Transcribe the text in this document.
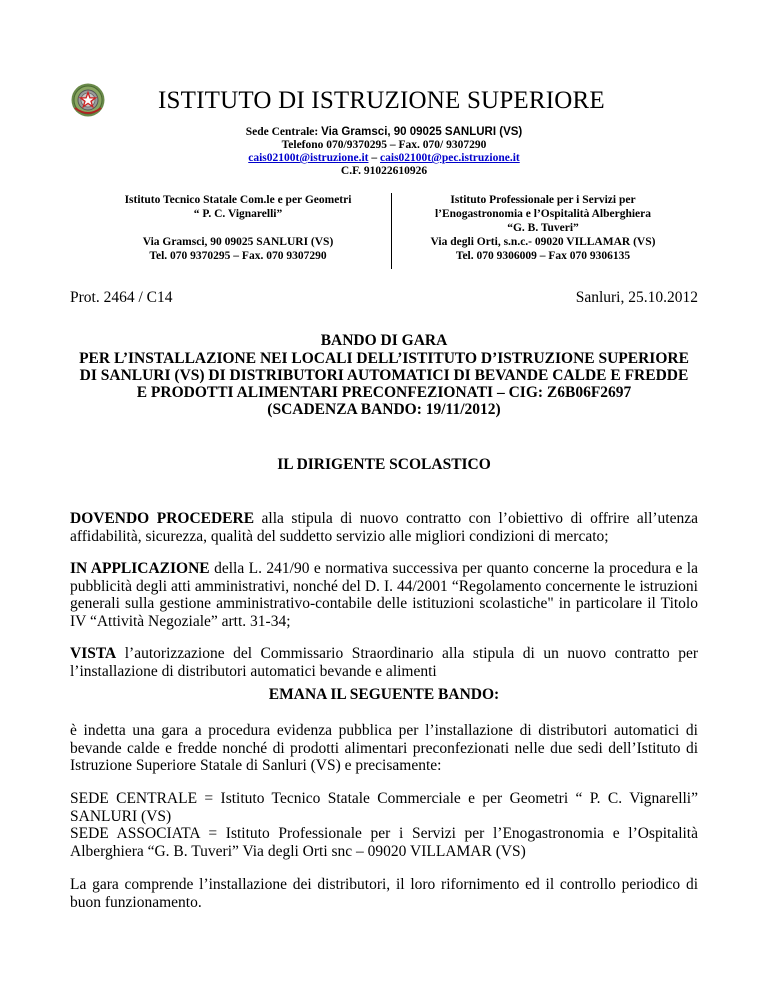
ISTITUTO DI ISTRUZIONE SUPERIORE
Sede Centrale: Via Gramsci, 90 09025 SANLURI (VS)
Telefono 070/9370295 – Fax. 070/ 9307290
cais02100t@istruzione.it – cais02100t@pec.istruzione.it
C.F. 91022610926
Istituto Tecnico Statale Com.le e per Geometri
“ P. C. Vignarelli”
Via Gramsci, 90 09025 SANLURI (VS)
Tel. 070 9370295 – Fax. 070 9307290
Istituto Professionale per i Servizi per
l’Enogastronomia e l’Ospitalità Alberghiera
“G. B. Tuveri”
Via degli Orti, s.n.c.- 09020 VILLAMAR (VS)
Tel. 070 9306009 – Fax 070 9306135
Prot. 2464 / C14	Sanluri, 25.10.2012
BANDO DI GARA
PER L’INSTALLAZIONE NEI LOCALI DELL’ISTITUTO D’ISTRUZIONE SUPERIORE
DI SANLURI (VS) DI DISTRIBUTORI AUTOMATICI DI BEVANDE CALDE E FREDDE
E PRODOTTI ALIMENTARI PRECONFEZIONATI – CIG: Z6B06F2697
(SCADENZA BANDO: 19/11/2012)
IL DIRIGENTE SCOLASTICO
DOVENDO PROCEDERE alla stipula di nuovo contratto con l’obiettivo di offrire all’utenza affidabilità, sicurezza, qualità del suddetto servizio alle migliori condizioni di mercato;
IN APPLICAZIONE della L. 241/90 e normativa successiva per quanto concerne la procedura e la pubblicità degli atti amministrativi, nonché del D. I. 44/2001 “Regolamento concernente le istruzioni generali sulla gestione amministrativo-contabile delle istituzioni scolastiche" in particolare il Titolo IV “Attività Negoziale” artt. 31-34;
VISTA l’autorizzazione del Commissario Straordinario alla stipula di un nuovo contratto per l’installazione di distributori automatici bevande e alimenti
EMANA IL SEGUENTE BANDO:
è indetta una gara a procedura evidenza pubblica per l’installazione di distributori automatici di bevande calde e fredde nonché di prodotti alimentari preconfezionati nelle due sedi dell’Istituto di Istruzione Superiore Statale di Sanluri (VS) e precisamente:
SEDE CENTRALE = Istituto Tecnico Statale Commerciale e per Geometri “ P. C. Vignarelli” SANLURI (VS)
SEDE ASSOCIATA = Istituto Professionale per i Servizi per l’Enogastronomia e l’Ospitalità Alberghiera “G. B. Tuveri” Via degli Orti snc – 09020 VILLAMAR (VS)
La gara comprende l’installazione dei distributori, il loro rifornimento ed il controllo periodico di buon funzionamento.
